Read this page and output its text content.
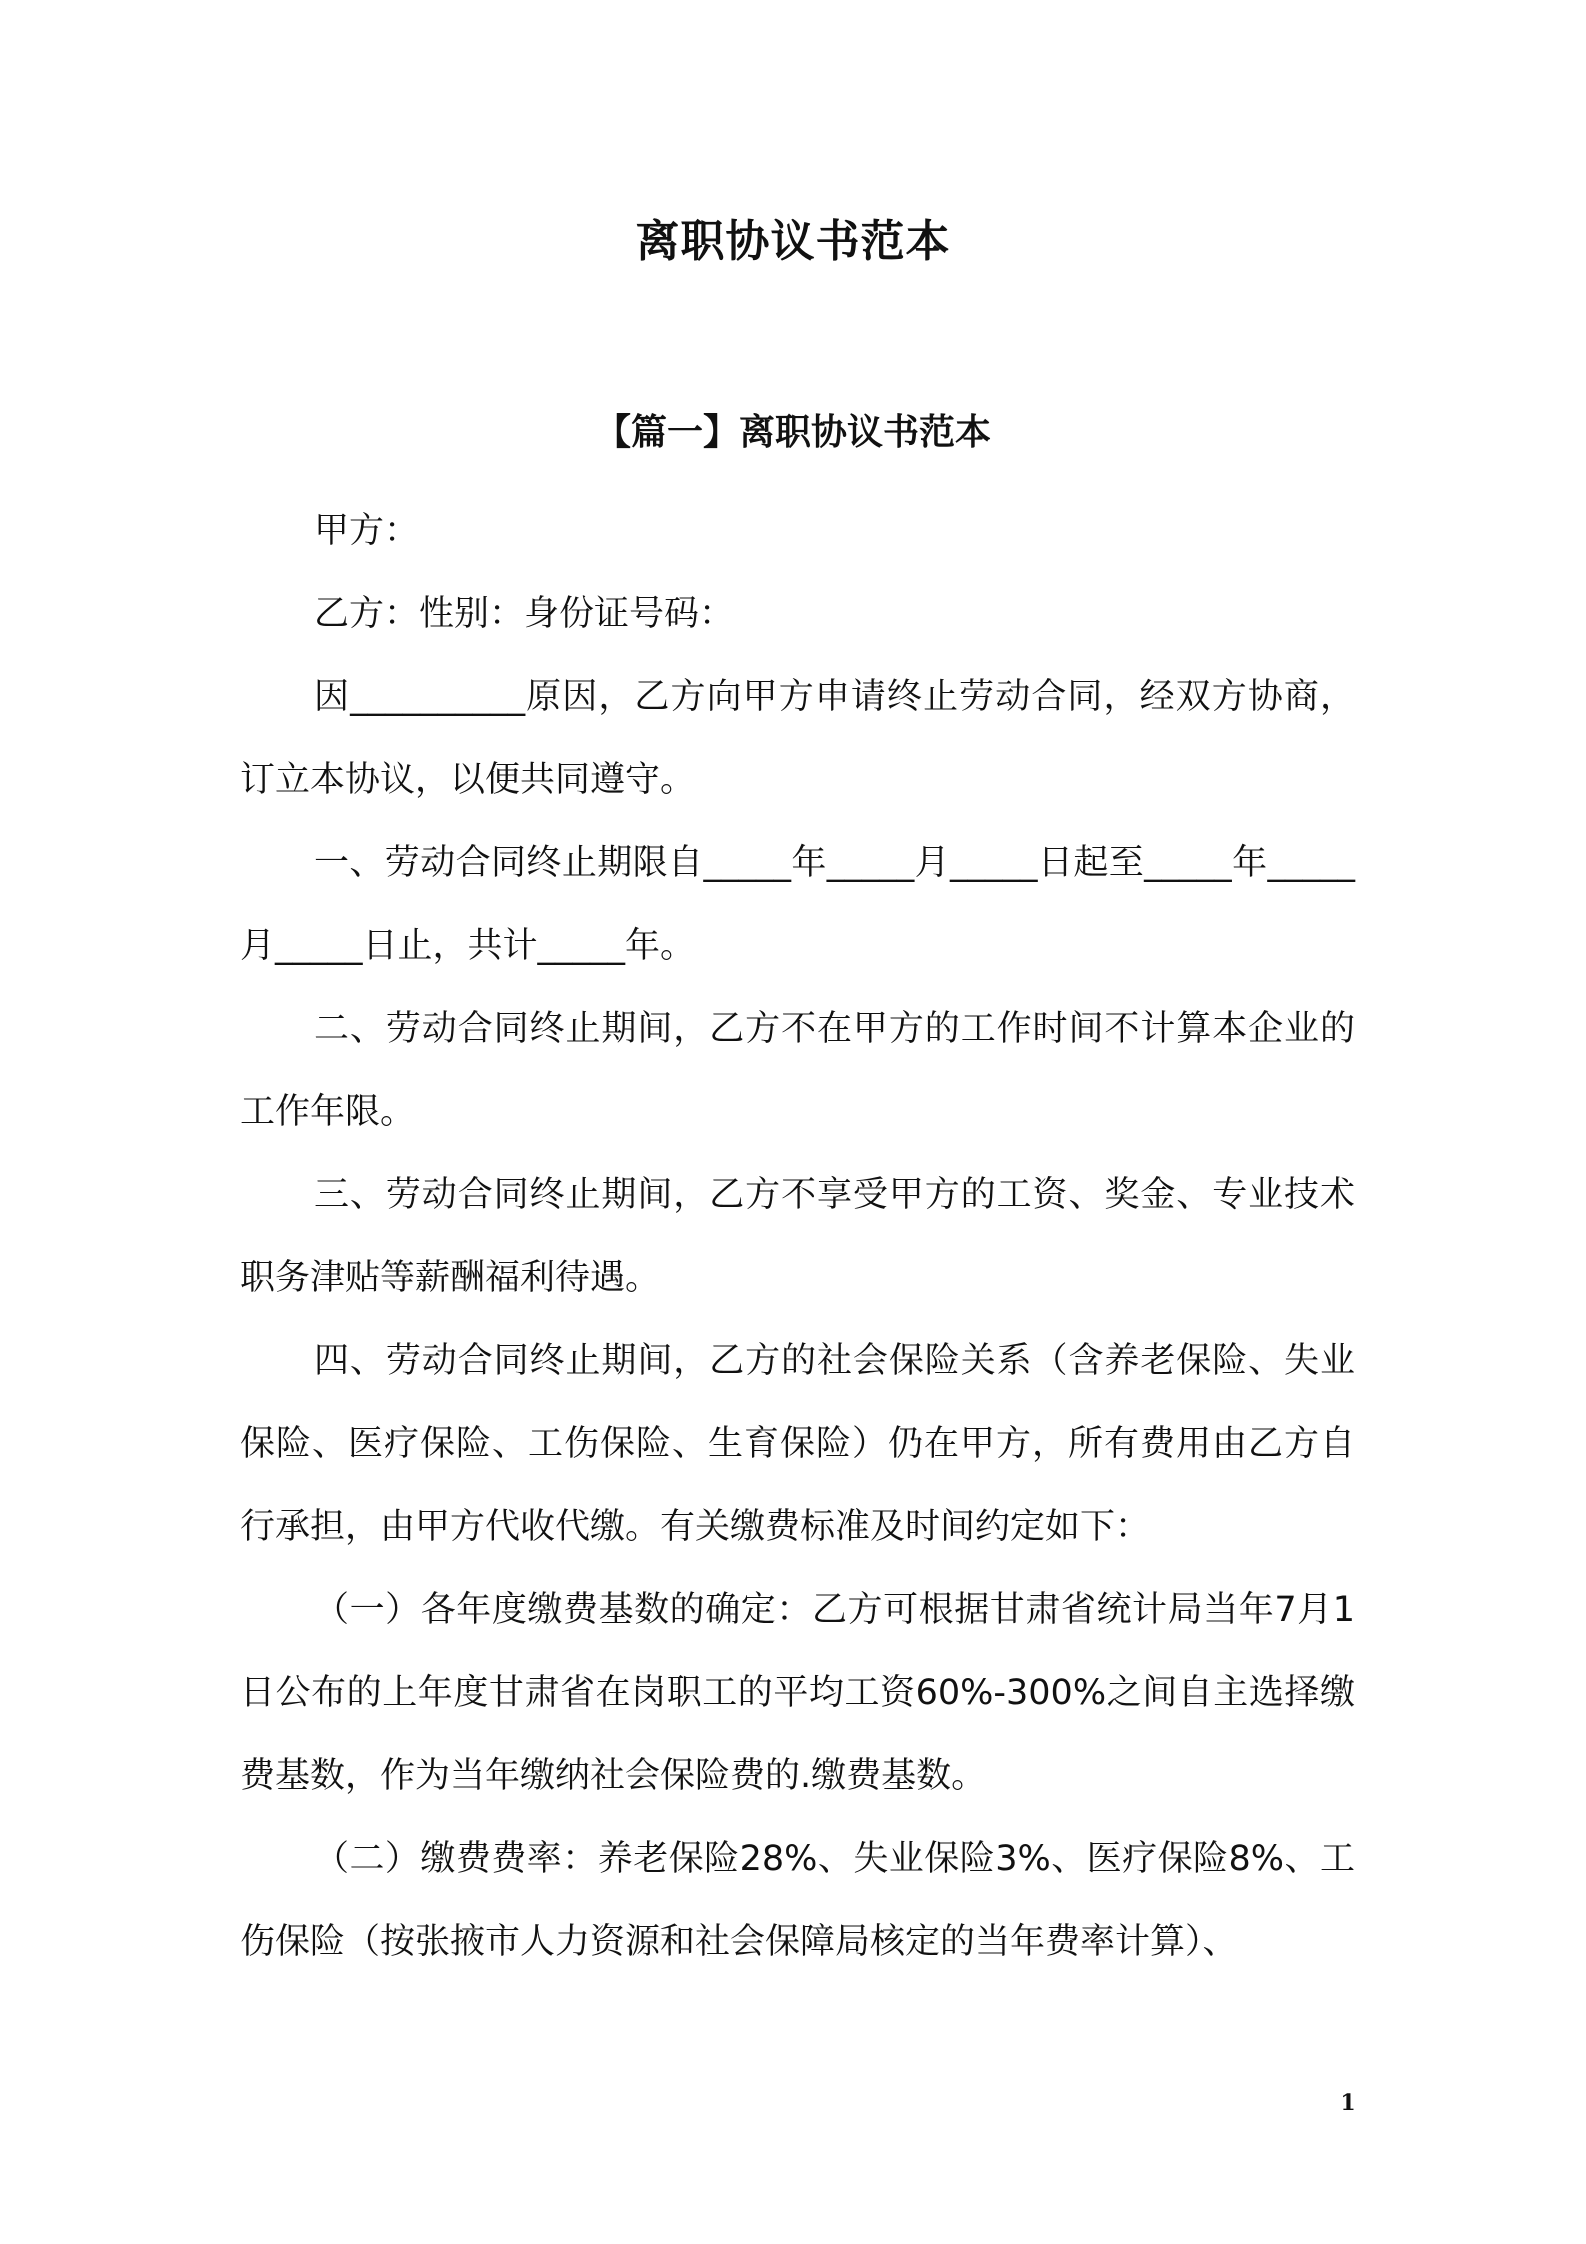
离职协议书范本
【篇一】离职协议书范本

甲方：

乙方：性别：身份证号码：

因__________原因，乙方向甲方申请终止劳动合同，经双方协商，订立本协议，以便共同遵守。

一、劳动合同终止期限自_____年_____月_____日起至_____年_____月_____日止，共计_____年。

二、劳动合同终止期间，乙方不在甲方的工作时间不计算本企业的工作年限。

三、劳动合同终止期间，乙方不享受甲方的工资、奖金、专业技术职务津贴等薪酬福利待遇。

四、劳动合同终止期间，乙方的社会保险关系（含养老保险、失业保险、医疗保险、工伤保险、生育保险）仍在甲方，所有费用由乙方自行承担，由甲方代收代缴。有关缴费标准及时间约定如下：

（一）各年度缴费基数的确定：乙方可根据甘肃省统计局当年7月1日公布的上年度甘肃省在岗职工的平均工资60%-300%之间自主选择缴费基数，作为当年缴纳社会保险费的.缴费基数。

（二）缴费费率：养老保险28%、失业保险3%、医疗保险8%、工伤保险（按张掖市人力资源和社会保障局核定的当年费率计算）、

1
